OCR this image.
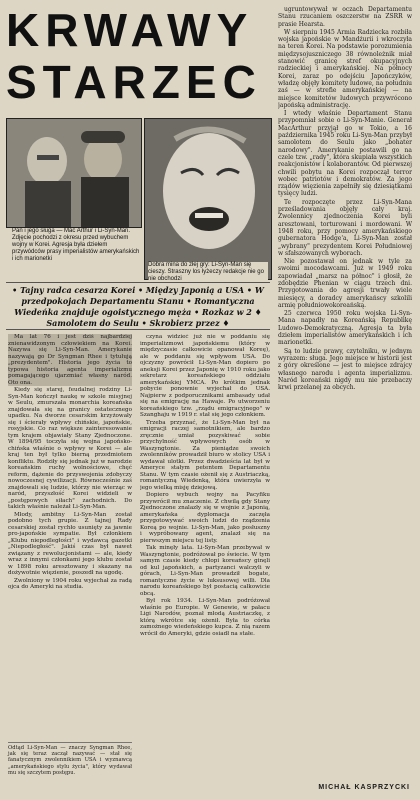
KRWAWY STARZEC
Pan i jego sługa — Mac Arthur i Li-Syn-Man. Zdjęcie pochodzi z okresu przed wybuchem wojny w Korei. Agresja była dziełem przywódców prasy imperialistów amerykańskich i ich marionetki
Dobra mina do złej gry: Li-Syn-Man się cieszy. Straszny los łyżeczy redakcje nie go nie obchodzi
• Tajny radca cesarza Korei • Między Japonią a USA • W przedpokojach Departamentu Stanu • Romantyczna Wiedeńka znajduje ogoistycznego męża • Rozkaz w 2 ♦ Samolotem do Seulu • Skrobierz przez ♦

Ma lat 76 i jest dziś najbardziej znienawidzonym człowiekiem na Korei. Nazywa się Li-Syn-Man. Amerykanie nazywają go Dr Syngman Rhee i tytułują „prezydentem". Historia jego życia to typowa historia agenta imperializmu pomagającego ujarzmiać własny naród. Oto ona.

Kiedy się starej, feudalnej rodziny Li-Syn-Man kończył naukę w szkole misyjnej w Seulu, zmurszała monarchia koreańska znajdowała się na granicy ostatecznego upadku. Na dworze cesarskim krzyżowały się i ścierały wpływy chińskie, japońskie, rosyjskie. Co raz większe zainteresowanie tym krajem objawiały Stany Zjednoczone. W 1894/95 toczyła się wojna japońsko-chińska właśnie o wpływy w Korei — ale kraj ten był tylko bierną przedmiotem konfliktu. Rodziły się jednak już w narodzie koreańskim ruchy wolnościowe, chęć reform, dążenie do przyswojenia zdobyczy nowoczesnej cywilizacji. Równocześnie zaś znajdowali się ludzie, którzy nie wierząc w naród, przyszłość Korei widzieli w „postępowych siłach" zachodnich. Do takich właśnie należał Li-Syn-Man.

Młody, ambitny Li-Syn-Man został podobno tych grupie. Z tajnej Rady cesarskiej został rychło usunięty za jawnie pro-japońskie sympatie. Był członkiem „Klubu niepodległości" i wydawcą gazetki „Niepodległość". Jakiś czas był nawet związany z rewolucjonistami — ale, kiedy wraz z innymi członkami jego klubu został w 1898 roku aresztowany i skazany na dożywotnie więzienie, poszedł na ugodę.

Zwolniony w 1904 roku wyjechał za radą ojca do Ameryki na studia.

Odtąd Li-Syn-Man — znaczy Syngman Rhee, jak się teraz zaczął nazywać — stał się fanatycznym zwolennikiem USA i wyznawcą „amerykańskiego stylu życia", który wydawał mu się szczytem postępu.

czyna widzieć już nie w poddaniu się imperializmowi japońskiemu (który w międzyczasie całkowicie opanował Koreę), ale w poddaniu się wpływom USA. Do ojczyzny powrócił Li-Syn-Man dopiero po aneksji Korei przez Japonię w 1910 roku jako sekretarz koreańskiego oddziału amerykańskiej YMCA. Po krótkim jednak pobycie ponownie wyjechał do USA. Najpierw z podporucznikami ambasady udał się na emigrację na Hawaje. Po utworzeniu koreańskiego tzw. „rządu emigracyjnego" w Szanghaju w 1919 r. stał się jego członkiem.

Trzeba przyznać, że Li-Syn-Man był na emigracji raczej samotnikiem, ale bardzo zręcznie umiał pozyskiwać sobie przychylność wpływowych osób w Waszyngtonie. Za pieniądze swoich zwolenników prowadził biuro w stolicy USA i wydawał ulotki. Przez dwadzieścia lat był w Ameryce stałym petentem Departamentu Stanu. W tym czasie ożenił się z Austriaczką, romantyczną Wiedenką, która uwierzyła w jego wielką misję dziejową.

Dopiero wybuch wojny na Pacyfiku przywrócił mu znaczenie. Z chwilą gdy Stany Zjednoczone znalazły się w wojnie z Japonią, amerykańska dyplomacja zaczęła przygotowywać swoich ludzi do rządzenia Koreą po wojnie. Li-Syn-Man, jako posłuszny i wypróbowany agent, znalazł się na pierwszym miejscu tej listy.

Tak minęły lata. Li-Syn-Man przebywał w Waszyngtonie, podróżował po świecie. W tym samym czasie kiedy chłopi koreańscy ginęli od kul japońskich, a partyzanci walczyli w górach, Li-Syn-Man prowadził bogate, romantyczne życie w luksusowej willi. Dla narodu koreańskiego był postacią całkowicie obcą.

Był rok 1934. Li-Syn-Man podróżował właśnie po Europie. W Genewie, w pałacu Ligi Narodów, poznał młodą Austriaczkę, z którą wkrótce się ożenił. Była to córka zamożnego wiedeńskiego kupca. Z nią razem wrócił do Ameryki, gdzie osiadł na stałe.

ugruntowywał w oczach Departamentu Stanu rzucaniem oszczerstw na ZSRR w prasie Hearsta.

W sierpniu 1945 Armia Radziecka rozbiła wojska japońskie w Mandżurii i wkroczyła na teren Korei. Na podstawie porozumienia międzysojuszniczego 38 równoleżnik miał stanowić granicę stref okupacyjnych radzieckiej i amerykańskiej. Na północy Korei, zaraz po odejściu Japończyków, władzę objęły komitety ludowe, na południu zaś — w strefie amerykańskiej — na miejsce komitetów ludowych przywrócono japońską administrację.

I wtedy właśnie Departament Stanu przypomniał sobie o Li-Syn-Manie. Generał MacArthur przyjął go w Tokio, a 16 października 1945 roku Li-Syn-Man przybył samolotem do Seulu jako „bohater narodowy". Amerykanie postawili go na czele tzw. „rady", która skupiała wszystkich reakcjonistów i kolaborantów. Od pierwszej chwili pobytu na Korei rozpoczął terror wobec patriotów i demokratów. Za jego rządów więzienia zapełniły się dziesiątkami tysięcy ludzi.

Te rozpoczęte przez Li-Syn-Mana prześladowania objęły cały kraj. Zwolennicy zjednoczenia Korei byli aresztowani, torturowani i mordowani. W 1948 roku, przy pomocy amerykańskiego gubernatora Hodge'a, Li-Syn-Man został „wybrany" prezydentem Korei Południowej w sfałszowanych wyborach.

Nie pozostawał on jednak w tyle za swoimi mocodawcami. Już w 1949 roku zapowiadał „marsz na północ" i głosił, że zdobędzie Phenian w ciągu trzech dni. Przygotowania do agresji trwały wiele miesięcy, a doradcy amerykańscy szkolili armię południowokoreańską.

25 czerwca 1950 roku wojska Li-Syn-Mana napadły na Koreańską Republikę Ludowo-Demokratyczną. Agresja ta była dziełem imperialistów amerykańskich i ich marionetki.

Są to ludzie prawy, czytelniku, w jednym wyrazem: sługa. Jego miejsce w historii jest z góry określone — jest to miejsce zdrajcy własnego narodu i agenta imperializmu. Naród koreański nigdy mu nie przebaczy krwi przelanej za obcych.

MICHAŁ KASPRZYCKI
